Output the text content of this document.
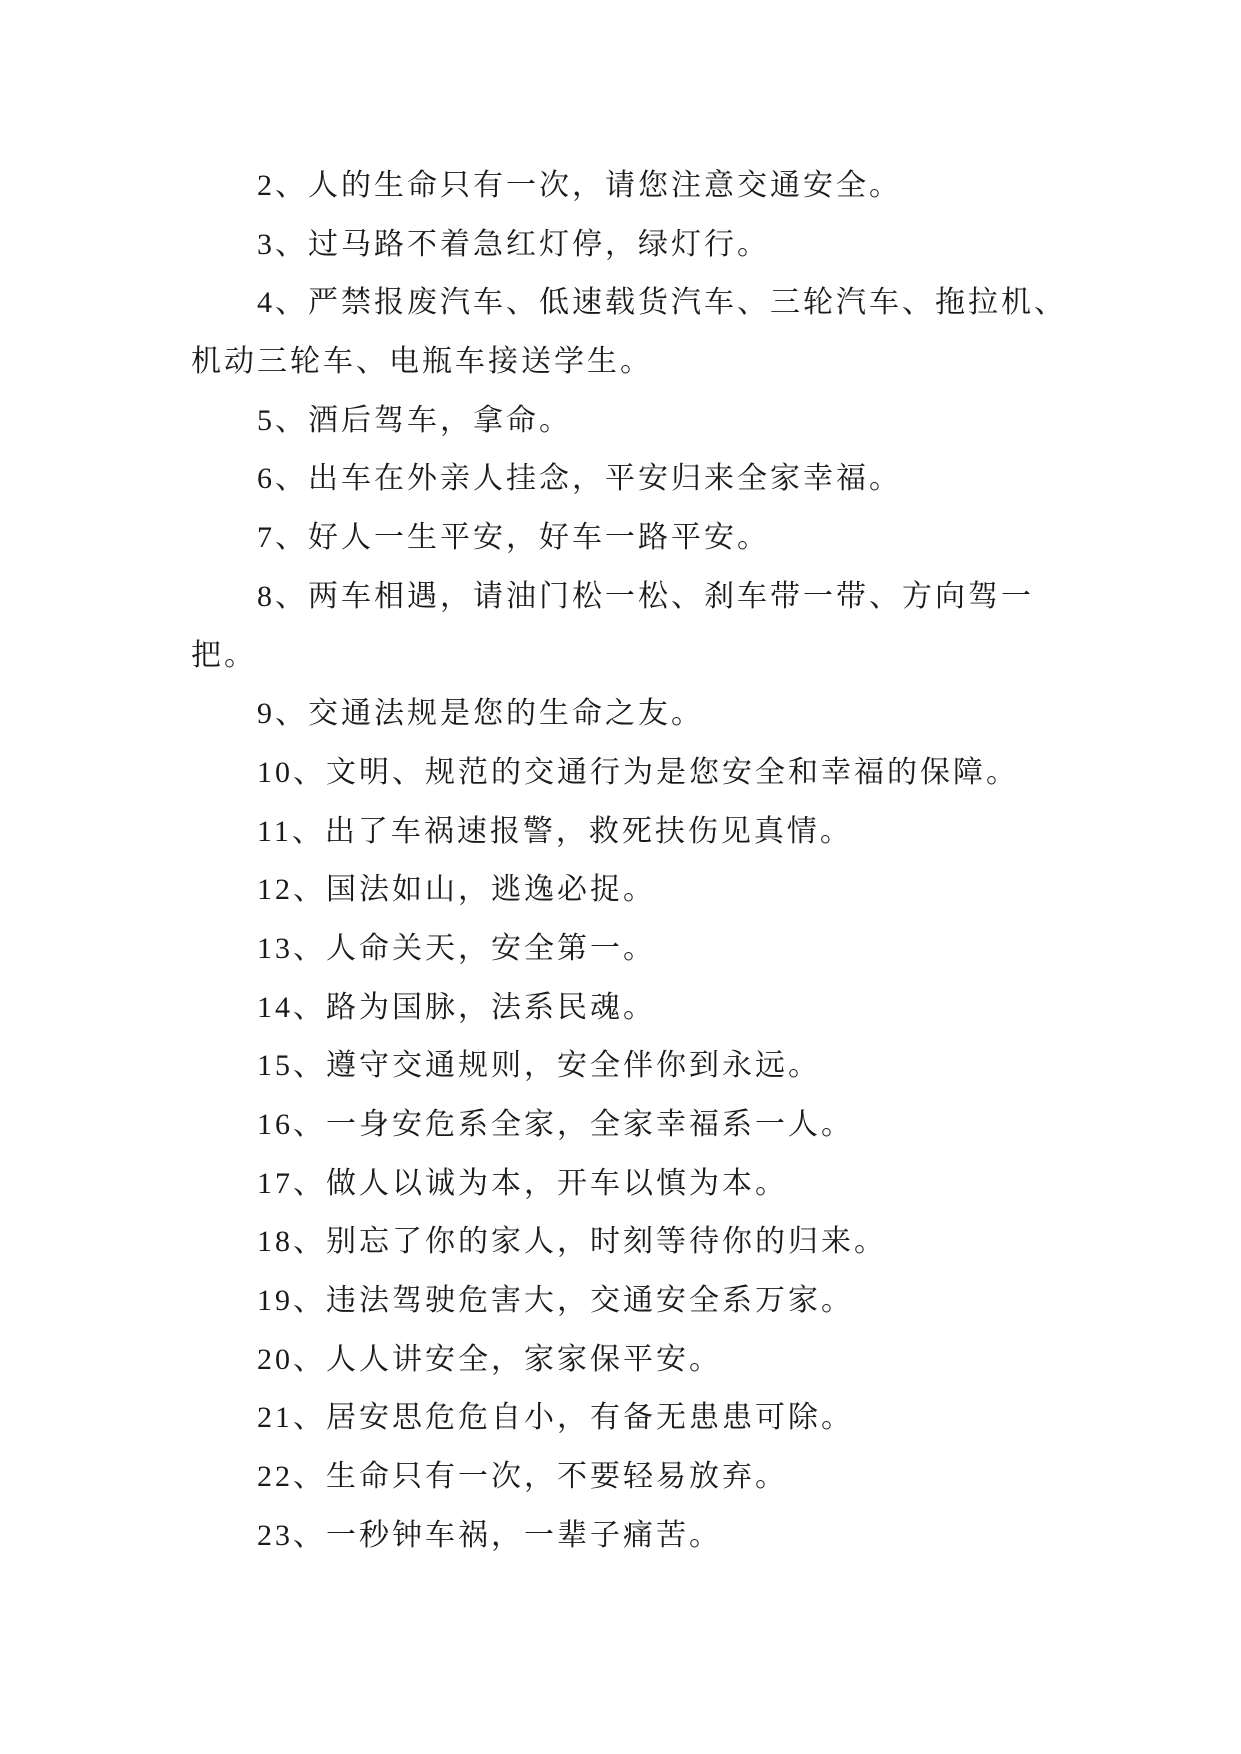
2、人的生命只有一次，请您注意交通安全。
3、过马路不着急红灯停，绿灯行。
4、严禁报废汽车、低速载货汽车、三轮汽车、拖拉机、
机动三轮车、电瓶车接送学生。
5、酒后驾车，拿命。
6、出车在外亲人挂念，平安归来全家幸福。
7、好人一生平安，好车一路平安。
8、两车相遇，请油门松一松、刹车带一带、方向驾一
把。
9、交通法规是您的生命之友。
10、文明、规范的交通行为是您安全和幸福的保障。
11、出了车祸速报警，救死扶伤见真情。
12、国法如山，逃逸必捉。
13、人命关天，安全第一。
14、路为国脉，法系民魂。
15、遵守交通规则，安全伴你到永远。
16、一身安危系全家，全家幸福系一人。
17、做人以诚为本，开车以慎为本。
18、别忘了你的家人，时刻等待你的归来。
19、违法驾驶危害大，交通安全系万家。
20、人人讲安全，家家保平安。
21、居安思危危自小，有备无患患可除。
22、生命只有一次，不要轻易放弃。
23、一秒钟车祸，一辈子痛苦。
